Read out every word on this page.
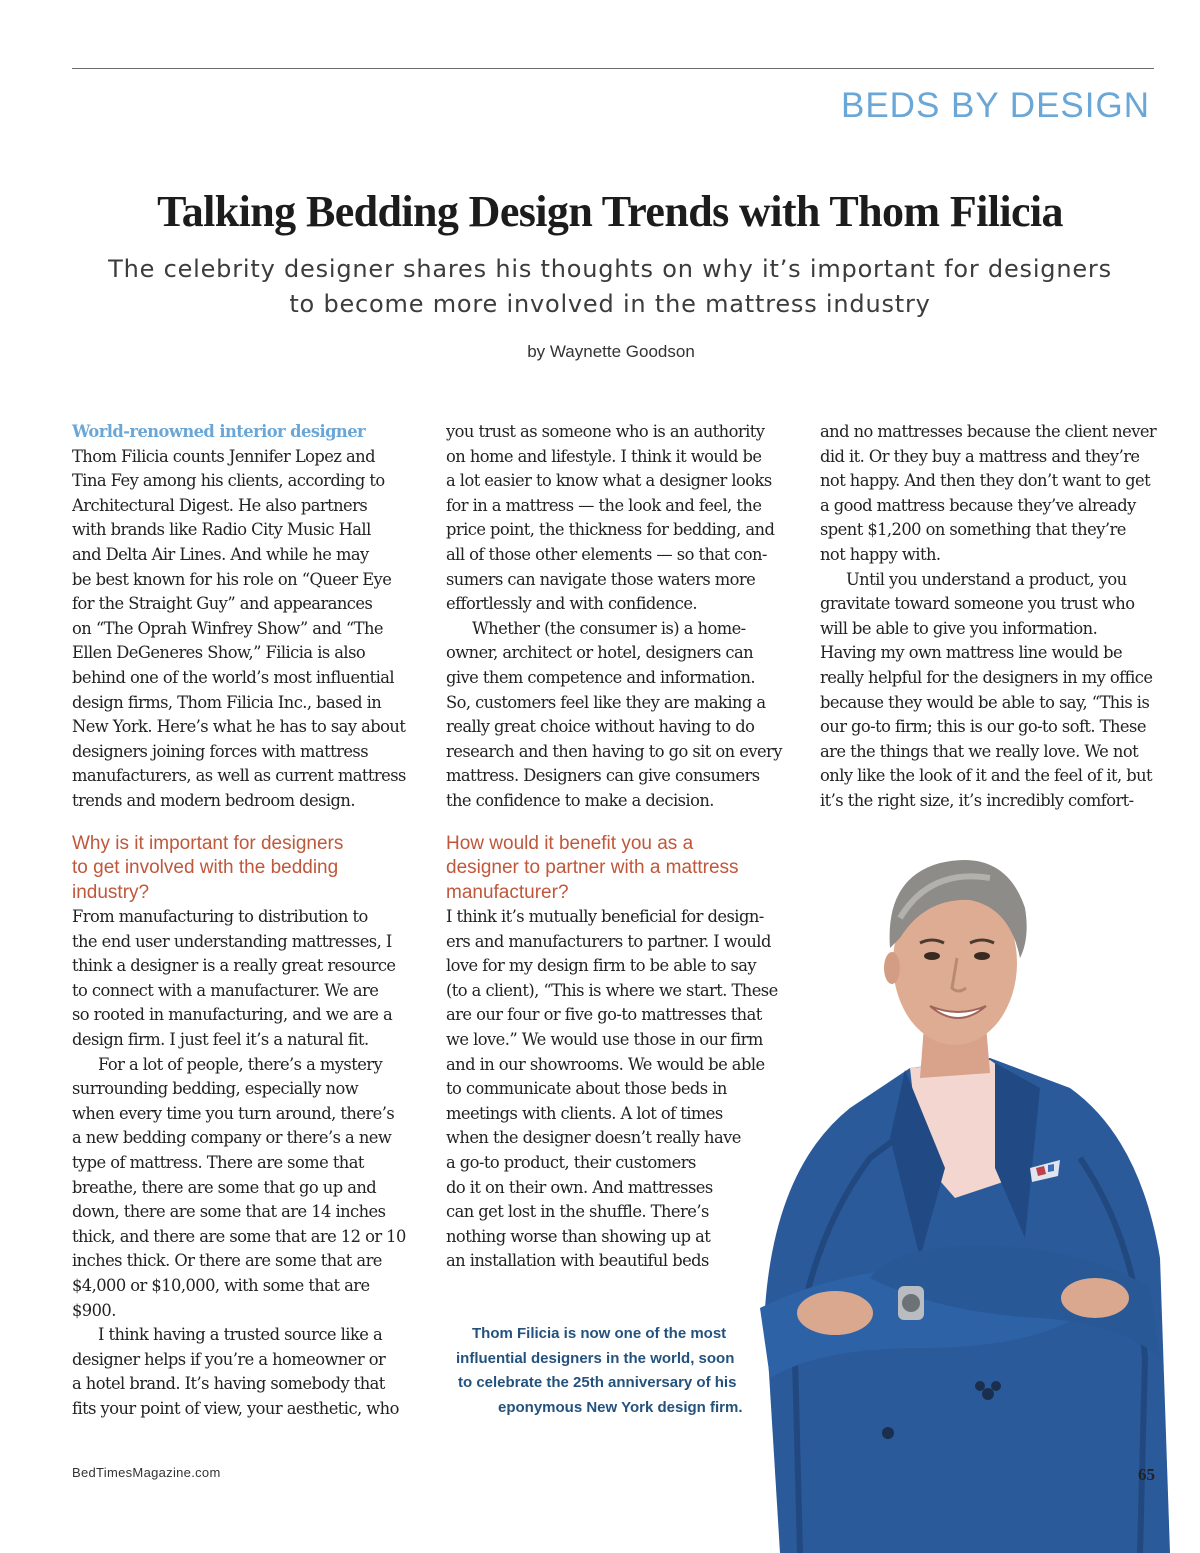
BEDS BY DESIGN
Talking Bedding Design Trends with Thom Filicia
The celebrity designer shares his thoughts on why it’s important for designers
to become more involved in the mattress industry
by Waynette Goodson
World-renowned interior designer
Thom Filicia counts Jennifer Lopez and
Tina Fey among his clients, according to
Architectural Digest. He also partners
with brands like Radio City Music Hall
and Delta Air Lines. And while he may
be best known for his role on “Queer Eye
for the Straight Guy” and appearances
on “The Oprah Winfrey Show” and “The
Ellen DeGeneres Show,” Filicia is also
behind one of the world’s most influential
design firms, Thom Filicia Inc., based in
New York. Here’s what he has to say about
designers joining forces with mattress
manufacturers, as well as current mattress
trends and modern bedroom design.
Why is it important for designers
to get involved with the bedding
industry?
From manufacturing to distribution to
the end user understanding mattresses, I
think a designer is a really great resource
to connect with a manufacturer. We are
so rooted in manufacturing, and we are a
design firm. I just feel it’s a natural fit.
For a lot of people, there’s a mystery
surrounding bedding, especially now
when every time you turn around, there’s
a new bedding company or there’s a new
type of mattress. There are some that
breathe, there are some that go up and
down, there are some that are 14 inches
thick, and there are some that are 12 or 10
inches thick. Or there are some that are
$4,000 or $10,000, with some that are
$900.
I think having a trusted source like a
designer helps if you’re a homeowner or
a hotel brand. It’s having somebody that
fits your point of view, your aesthetic, who
you trust as someone who is an authority
on home and lifestyle. I think it would be
a lot easier to know what a designer looks
for in a mattress — the look and feel, the
price point, the thickness for bedding, and
all of those other elements — so that con-
sumers can navigate those waters more
effortlessly and with confidence.
Whether (the consumer is) a home-
owner, architect or hotel, designers can
give them competence and information.
So, customers feel like they are making a
really great choice without having to do
research and then having to go sit on every
mattress. Designers can give consumers
the confidence to make a decision.
How would it benefit you as a
designer to partner with a mattress
manufacturer?
I think it’s mutually beneficial for design-
ers and manufacturers to partner. I would
love for my design firm to be able to say
(to a client), “This is where we start. These
are our four or five go-to mattresses that
we love.” We would use those in our firm
and in our showrooms. We would be able
to communicate about those beds in
meetings with clients. A lot of times
when the designer doesn’t really have
a go-to product, their customers
do it on their own. And mattresses
can get lost in the shuffle. There’s
nothing worse than showing up at
an installation with beautiful beds
and no mattresses because the client never
did it. Or they buy a mattress and they’re
not happy. And then they don’t want to get
a good mattress because they’ve already
spent $1,200 on something that they’re
not happy with.
Until you understand a product, you
gravitate toward someone you trust who
will be able to give you information.
Having my own mattress line would be
really helpful for the designers in my office
because they would be able to say, “This is
our go-to firm; this is our go-to soft. These
are the things that we really love. We not
only like the look of it and the feel of it, but
it’s the right size, it’s incredibly comfort-
Thom Filicia is now one of the most
influential designers in the world, soon
to celebrate the 25th anniversary of his
eponymous New York design firm.
BedTimesMagazine.com	65
